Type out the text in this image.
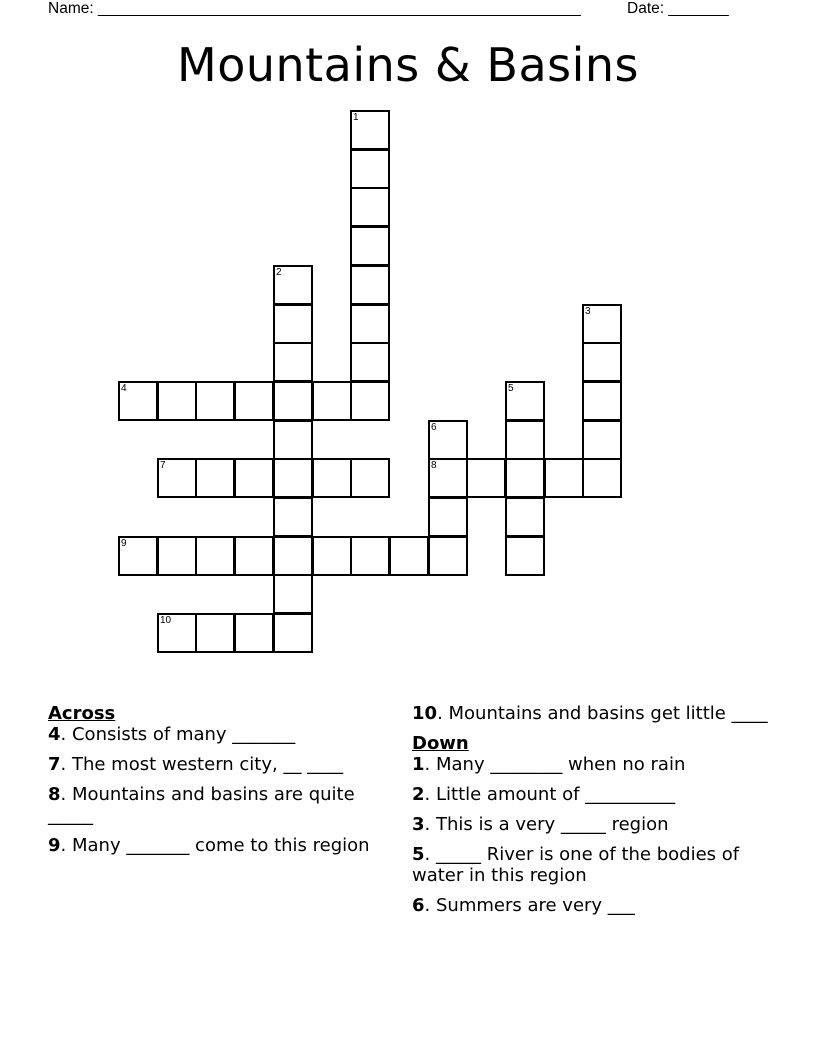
Name: ________________________________________________________	Date: _______
Mountains & Basins
1
2
3
4	5
6
8
7
9
10

Across

4. Consists of many _______

7. The most western city, __ ____

8. Mountains and basins are quite _____

9. Many _______ come to this region

10. Mountains and basins get little ____

Down

1. Many ________ when no rain

2. Little amount of __________

3. This is a very _____ region

5. _____ River is one of the bodies of water in this region

6. Summers are very ___
